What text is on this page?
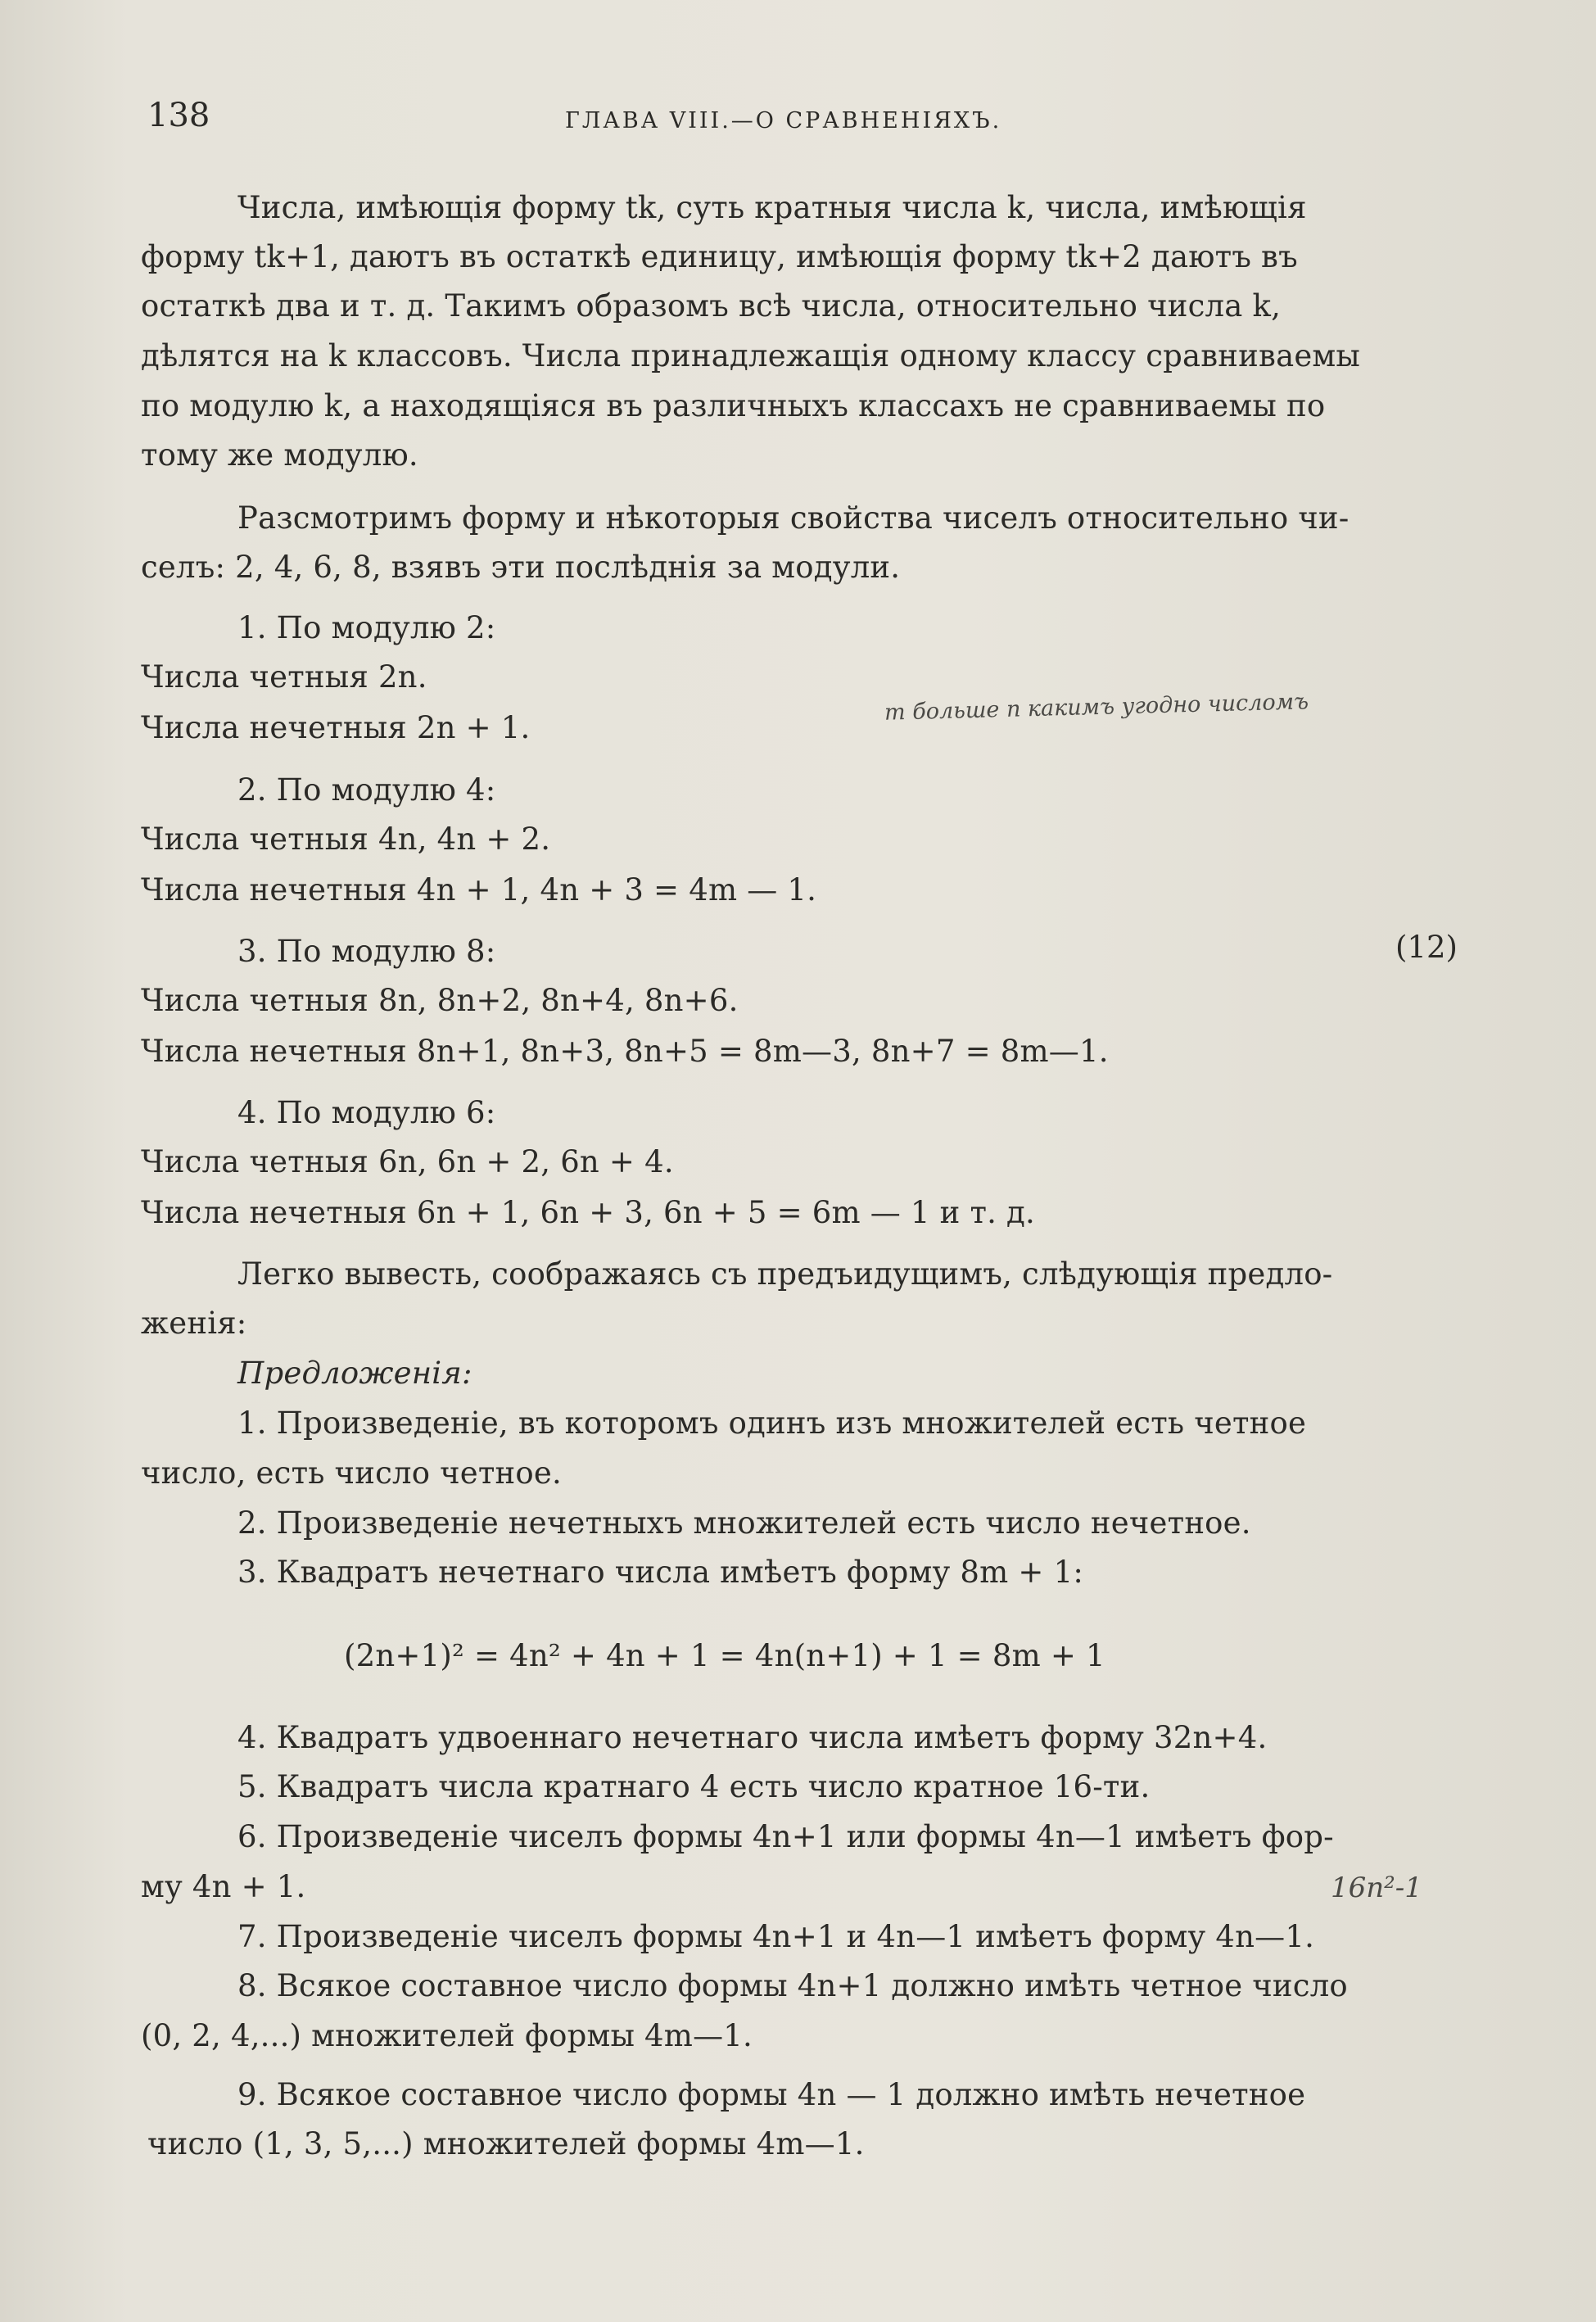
138	ГЛАВА VIII.—О СРАВНЕНІЯХЪ.
Числа, имѣющія форму tk, суть кратныя числа k, числа, имѣющія
форму tk+1, даютъ въ остаткѣ единицу, имѣющія форму tk+2 даютъ въ
остаткѣ два и т. д. Такимъ образомъ всѣ числа, относительно числа k,
дѣлятся на k классовъ. Числа принадлежащія одному классу сравниваемы
по модулю k, а находящіяся въ различныхъ классахъ не сравниваемы по
тому же модулю.
Разсмотримъ форму и нѣкоторыя свойства чиселъ относительно чи-
селъ: 2, 4, 6, 8, взявъ эти послѣднія за модули.
1. По модулю 2:
Числа четныя 2n.
Числа нечетныя 2n + 1.
2. По модулю 4:
Числа четныя 4n, 4n + 2.
Числа нечетныя 4n + 1, 4n + 3 = 4m — 1.
3. По модулю 8:	(12)
Числа четныя 8n, 8n+2, 8n+4, 8n+6.
Числа нечетныя 8n+1, 8n+3, 8n+5 = 8m—3, 8n+7 = 8m—1.
4. По модулю 6:
Числа четныя 6n, 6n + 2, 6n + 4.
Числа нечетныя 6n + 1, 6n + 3, 6n + 5 = 6m — 1 и т. д.
Легко вывесть, соображаясь съ предъидущимъ, слѣдующія предло-
женія:
Предложенія:
1. Произведеніе, въ которомъ одинъ изъ множителей есть четное
число, есть число четное.
2. Произведеніе нечетныхъ множителей есть число нечетное.
3. Квадратъ нечетнаго числа имѣетъ форму 8m + 1:
(2n+1)² = 4n² + 4n + 1 = 4n(n+1) + 1 = 8m + 1
4. Квадратъ удвоеннаго нечетнаго числа имѣетъ форму 32n+4.
5. Квадратъ числа кратнаго 4 есть число кратное 16-ти.
6. Произведеніе чиселъ формы 4n+1 или формы 4n—1 имѣетъ фор-
му 4n + 1.
7. Произведеніе чиселъ формы 4n+1 и 4n—1 имѣетъ форму 4n—1.
8. Всякое составное число формы 4n+1 должно имѣть четное число
(0, 2, 4,...) множителей формы 4m—1.
9. Всякое составное число формы 4n — 1 должно имѣть нечетное
число (1, 3, 5,...) множителей формы 4m—1.
m больше n какимъ угодно числомъ
16n²-1
